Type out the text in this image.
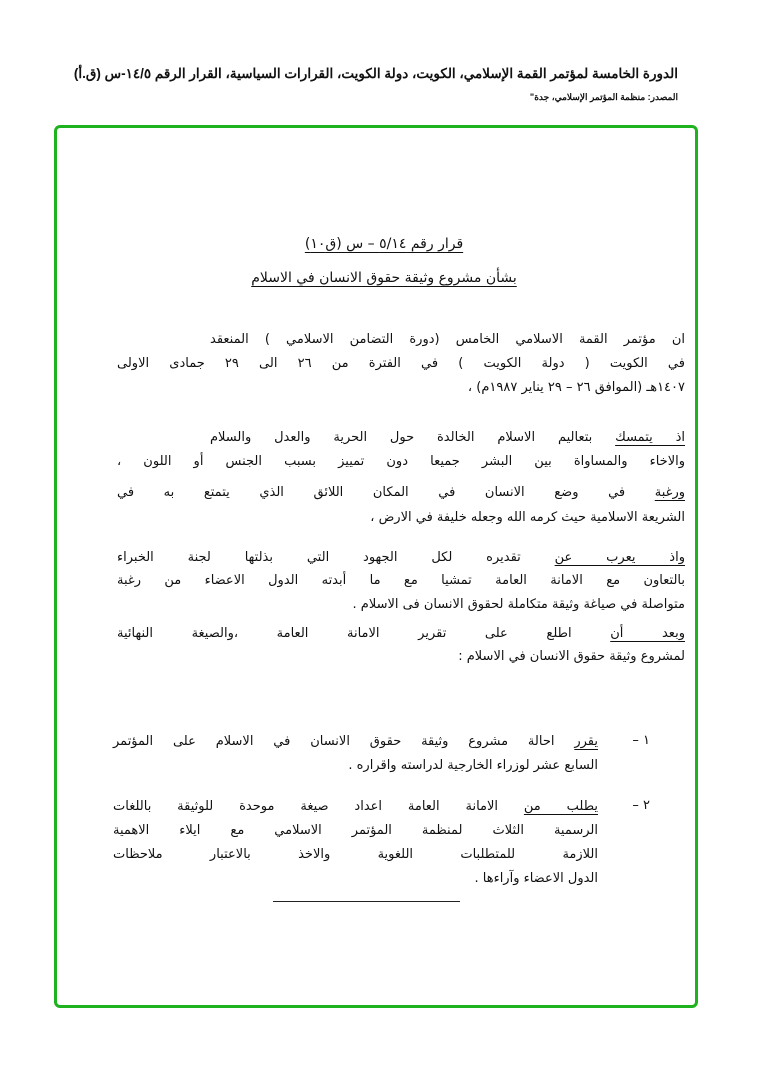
الدورة الخامسة لمؤتمر القمة الإسلامي، الكويت، دولة الكويت، القرارات السياسية، القرار الرقم ١٤/٥-س (ق.أ)
المصدر: منظمة المؤتمر الإسلامي، جدة"
قرار رقم ٥/١٤ – س (ق١٠)
بشأن مشروع وثيقة حقوق الانسان في الاسلام
ان مؤتمر القمة الاسلامي الخامس (دورة التضامن الاسلامي ) المنعقد
في الكويت ( دولة الكويت ) في الفترة من ٢٦ الى ٢٩ جمادى الاولى
١٤٠٧هـ (الموافق ٢٦ – ٢٩ يناير ١٩٨٧م) ،
اذ يتمسك بتعاليم الاسلام الخالدة حول الحرية والعدل والسلام
والاخاء والمساواة بين البشر جميعا دون تمييز بسبب الجنس أو اللون ،
ورغبة في وضع الانسان في المكان اللائق الذي يتمتع به في
الشريعة الاسلامية حيث كرمه الله وجعله خليفة في الارض ،
واذ يعرب عن تقديره لكل الجهود التي بذلتها لجنة الخبراء
بالتعاون مع الامانة العامة تمشيا مع ما أبدته الدول الاعضاء من رغبة
متواصلة في صياغة وثيقة متكاملة لحقوق الانسان فى الاسلام .
وبعد أن اطلع على تقرير الامانة العامة ،والصيغة النهائية
لمشروع وثيقة حقوق الانسان في الاسلام :
١ –
يقرر احالة مشروع وثيقة حقوق الانسان في الاسلام على المؤتمر
السابع عشر لوزراء الخارجية لدراسته واقراره .
٢ –
يطلب من الامانة العامة اعداد صيغة موحدة للوثيقة باللغات
الرسمية الثلاث لمنظمة المؤتمر الاسلامي مع ايلاء الاهمية
اللازمة للمتطلبات اللغوية والاخذ بالاعتبار ملاحظات
الدول الاعضاء وآراءها .
